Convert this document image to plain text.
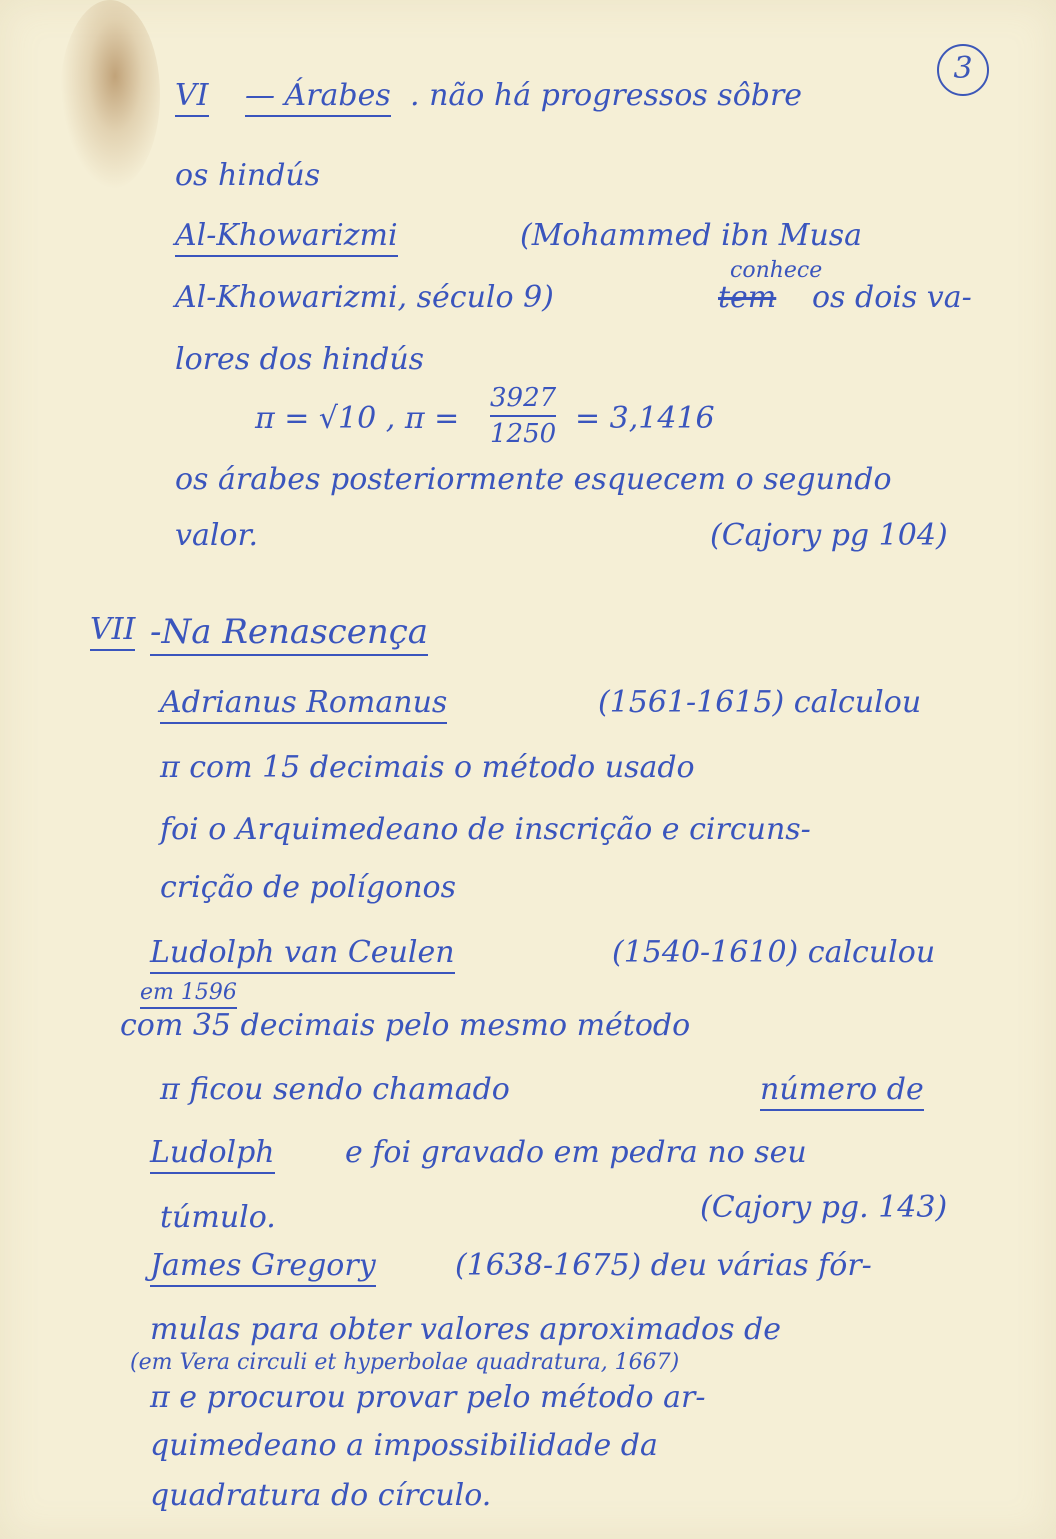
3
VI — Árabes . não há progressos sôbre
os hindús
Al-Khowarizmi	(Mohammed ibn Musa
Al-Khowarizmi, século 9)	tem
conhece
os dois va-
lores dos hindús
π = √10 , π =
3927
1250 = 3,1416
os árabes posteriormente esquecem o segundo
valor.	(Cajory pg 104)
VII -Na Renascença
Adrianus Romanus	(1561-1615) calculou
π com 15 decimais o método usado
foi o Arquimedeano de inscrição e circuns-
crição de polígonos
Ludolph van Ceulen	(1540-1610) calculou
em 1596
com 35 decimais pelo mesmo método
π ficou sendo chamado	número de
Ludolph e foi gravado em pedra no seu
túmulo.	(Cajory pg. 143)
James Gregory	(1638-1675) deu várias fór-
mulas para obter valores aproximados de
(em Vera circuli et hyperbolae quadratura, 1667)
π e procurou provar pelo método ar-
quimedeano a impossibilidade da
quadratura do círculo.
